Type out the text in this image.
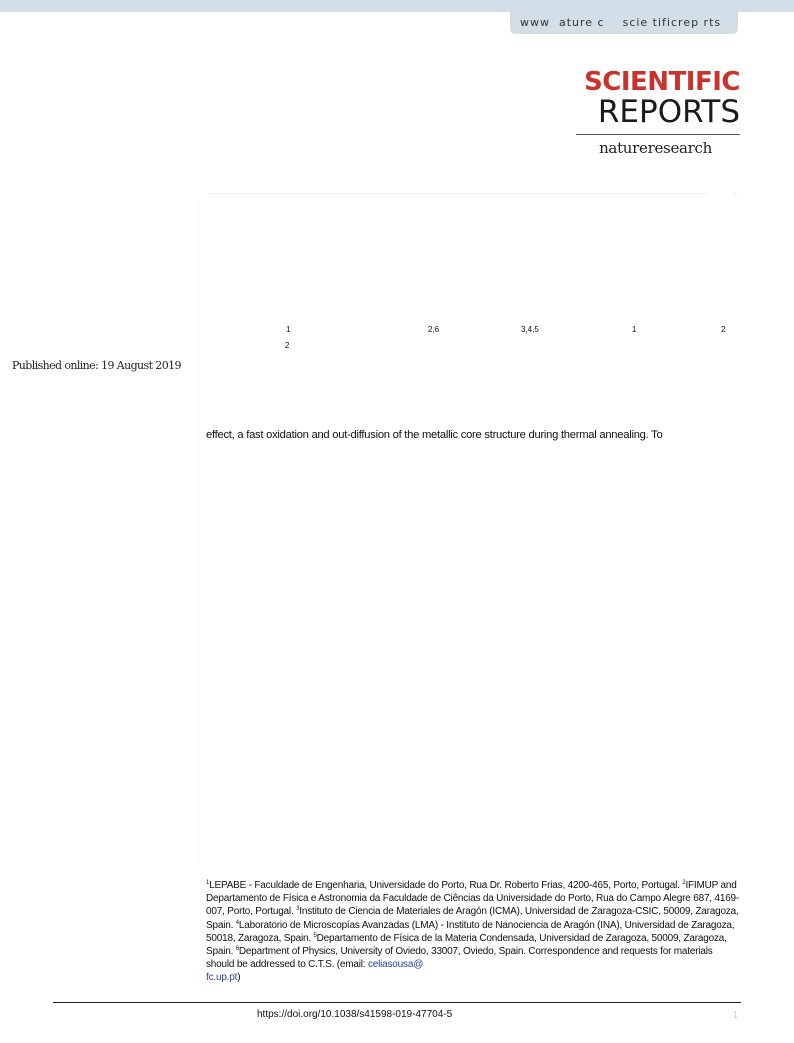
www  ature c    scie tificrep rts
SCIENTIFIC
REPORTS
natureresearch
1	2,6	3,4,5	1	2
2
Published online: 19 August 2019
effect, a fast oxidation and out-diffusion of the metallic core structure during thermal annealing. To
$^1$LEPABE - Faculdade de Engenharia, Universidade do Porto, Rua Dr. Roberto Frias, 4200-465, Porto, Portugal. $^2$IFIMUP and Departamento de Física e Astronomia da Faculdade de Ciências da Universidade do Porto, Rua do Campo Alegre 687, 4169-007, Porto, Portugal. $^3$Instituto de Ciencia de Materiales de Aragón (ICMA), Universidad de Zaragoza-CSIC, 50009, Zaragoza, Spain. $^4$Laboratorio de Microscopías Avanzadas (LMA) - Instituto de Nanociencia de Aragón (INA), Universidad de Zaragoza, 50018, Zaragoza, Spain. $^5$Departamento de Física de la Materia Condensada, Universidad de Zaragoza, 50009, Zaragoza, Spain. $^6$Department of Physics, University of Oviedo, 33007, Oviedo, Spain. Correspondence and requests for materials should be addressed to C.T.S. (email: celiasousa@
fc.up.pt)
https://doi.org/10.1038/s41598-019-47704-5	1
